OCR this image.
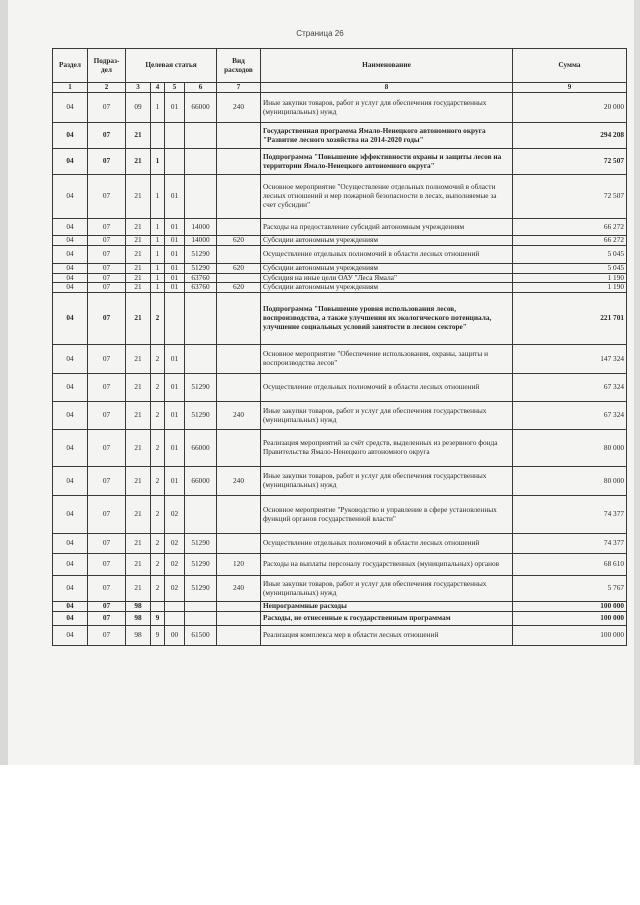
Страница 26
Раздел	Подраз-дел	Целевая статья				Вид расходов	Наименование	Сумма
1	2	3	4	5	6	7	8	9
04	07	09	1	01	66000	240	Иные закупки товаров, работ и услуг для обеспечения государственных (муниципальных) нужд	20 000
04	07	21					Государственная программа Ямало-Ненецкого автономного округа "Развитие лесного хозяйства на 2014-2020 годы"	294 208
04	07	21	1				Подпрограмма "Повышение эффективности охраны и защиты лесов на территории Ямало-Ненецкого автономного округа"	72 507
04	07	21	1	01			Основное мероприятие "Осуществление отдельных полномочий в области лесных отношений и мер пожарной безопасности в лесах, выполняемые за счет субсидии"	72 507
04	07	21	1	01	14000		Расходы на предоставление субсидий автономным учреждениям	66 272
04	07	21	1	01	14000	620	Субсидии автономным учреждениям	66 272
04	07	21	1	01	51290		Осуществление отдельных полномочий в области лесных отношений	5 045
04	07	21	1	01	51290	620	Субсидии автономным учреждениям	5 045
04	07	21	1	01	63760		Субсидия на иные цели ОАУ "Леса Ямала"	1 190
04	07	21	1	01	63760	620	Субсидии автономным учреждениям	1 190
04	07	21	2				Подпрограмма "Повышение уровня использования лесов, воспроизводства, а также улучшения их экологического потенциала, улучшение социальных условий занятости в лесном секторе"	221 701
04	07	21	2	01			Основное мероприятие "Обеспечение использования, охраны, защиты и воспроизводства лесов"	147 324
04	07	21	2	01	51290		Осуществление отдельных полномочий в области лесных отношений	67 324
04	07	21	2	01	51290	240	Иные закупки товаров, работ и услуг для обеспечения государственных (муниципальных) нужд	67 324
04	07	21	2	01	66000		Реализация мероприятий за счёт средств, выделенных из резервного фонда Правительства Ямало-Ненецкого автономного округа	80 000
04	07	21	2	01	66000	240	Иные закупки товаров, работ и услуг для обеспечения государственных (муниципальных) нужд	80 000
04	07	21	2	02			Основное мероприятие "Руководство и управление в сфере установленных функций органов государственной власти"	74 377
04	07	21	2	02	51290		Осуществление отдельных полномочий в области лесных отношений	74 377
04	07	21	2	02	51290	120	Расходы на выплаты персоналу государственных (муниципальных) органов	68 610
04	07	21	2	02	51290	240	Иные закупки товаров, работ и услуг для обеспечения государственных (муниципальных) нужд	5 767
04	07	98					Непрограммные расходы	100 000
04	07	98	9				Расходы, не отнесенные к государственным программам	100 000
04	07	98	9	00	61500		Реализация комплекса мер в области лесных отношений	100 000
